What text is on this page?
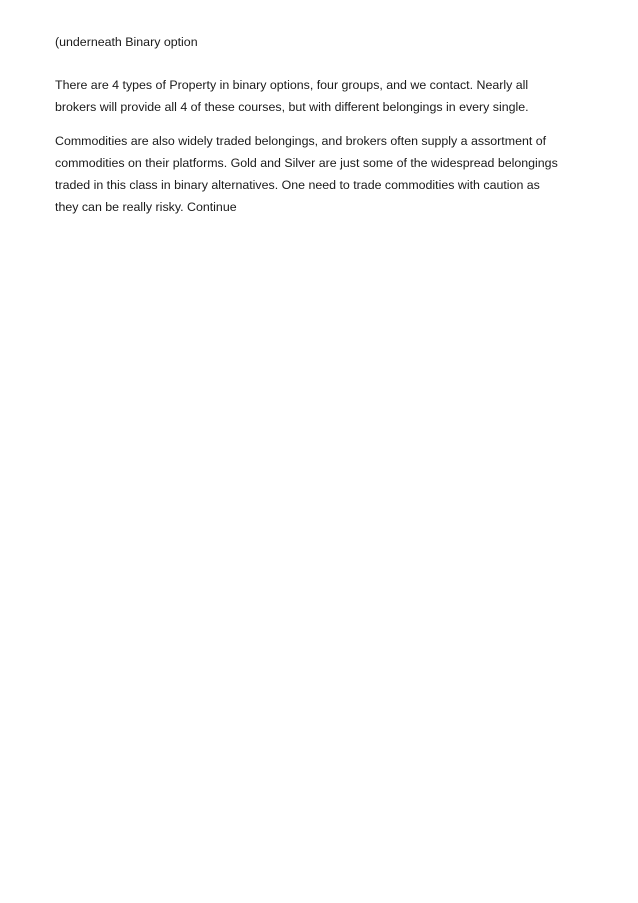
(underneath Binary option

There are 4 types of Property in binary options, four groups, and we contact. Nearly all
brokers will provide all 4 of these courses, but with different belongings in every single.

Commodities are also widely traded belongings, and brokers often supply a assortment of
commodities on their platforms. Gold and Silver are just some of the widespread belongings
traded in this class in binary alternatives. One need to trade commodities with caution as
they can be really risky. Continue
